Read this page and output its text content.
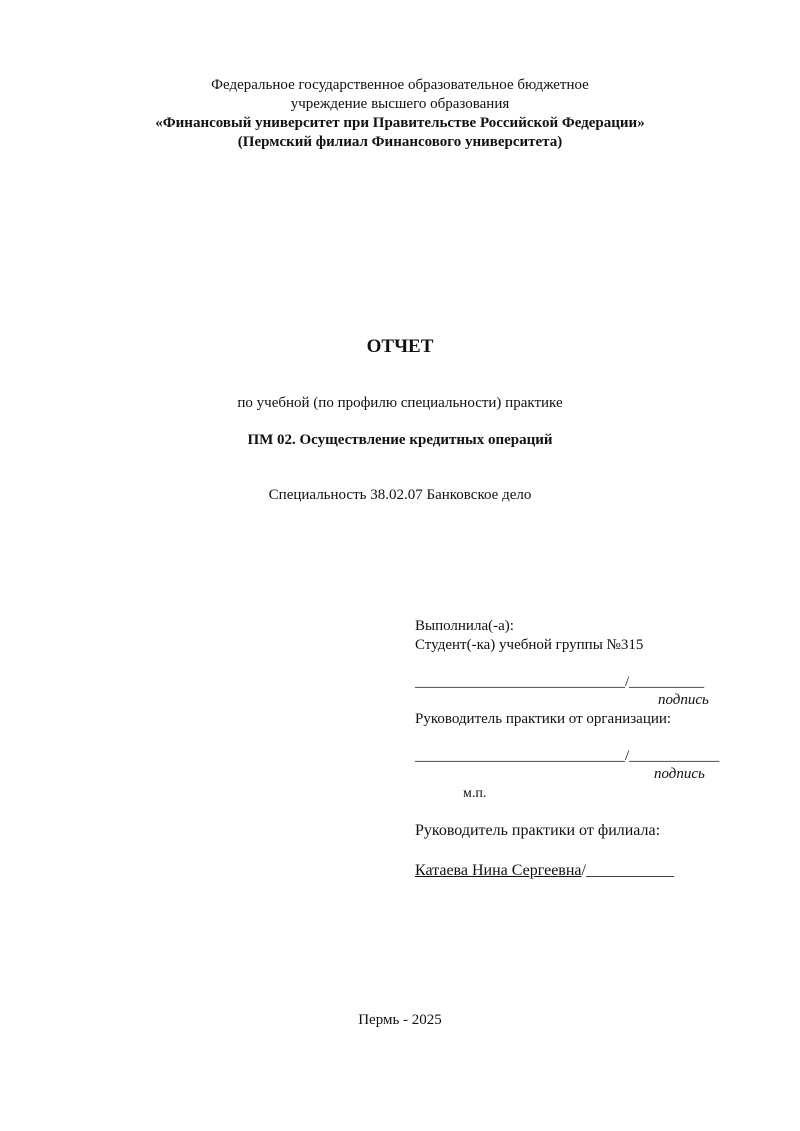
Федеральное государственное образовательное бюджетное
учреждение высшего образования
«Финансовый университет при Правительстве Российской Федерации»
(Пермский филиал Финансового университета)
ОТЧЕТ
по учебной (по профилю специальности) практике
ПМ 02. Осуществление кредитных операций
Специальность 38.02.07 Банковское дело
Выполнила(-а):
Студент(-ка) учебной группы №315
____________________________/__________
подпись
Руководитель практики от организации:
____________________________/____________
подпись
м.п.
Руководитель практики от филиала:
Катаева Нина Сергеевна/___________
Пермь - 2025
